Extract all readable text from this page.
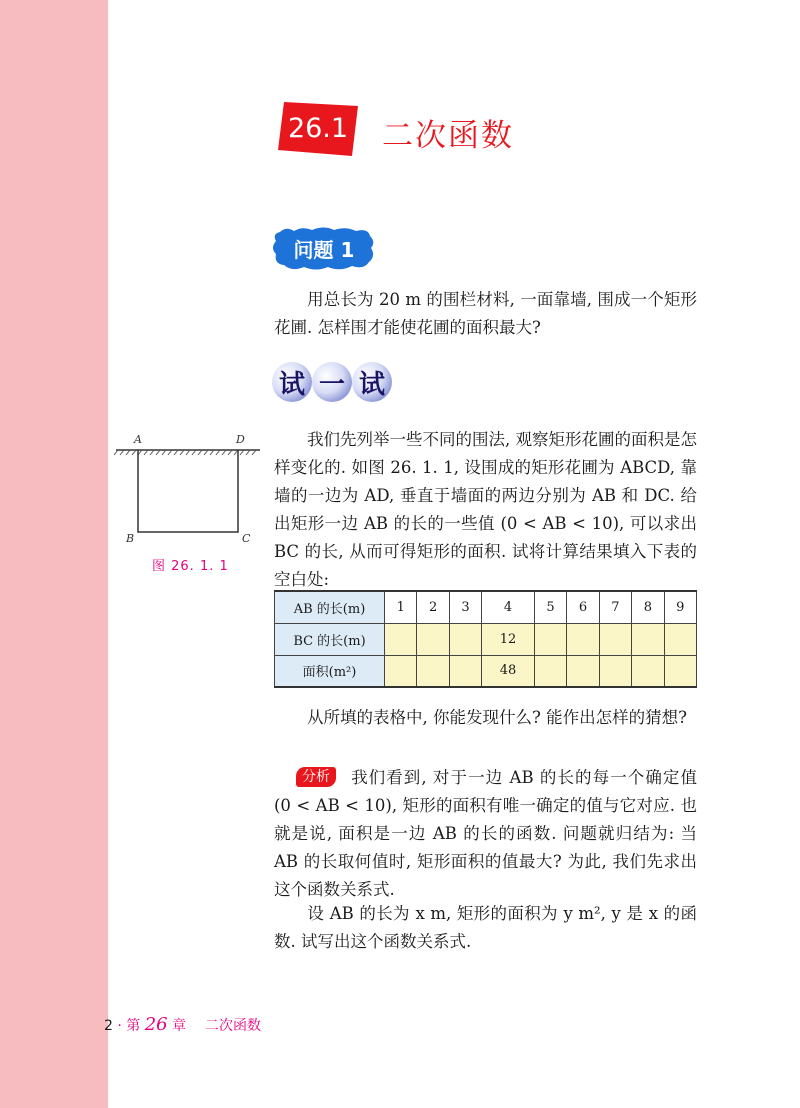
26.1	二次函数
问题 1
用总长为 20 m 的围栏材料, 一面靠墙, 围成一个矩形花圃. 怎样围才能使花圃的面积最大?
试 一 试
我们先列举一些不同的围法, 观察矩形花圃的面积是怎样变化的. 如图 26. 1. 1, 设围成的矩形花圃为 ABCD, 靠墙的一边为 AD, 垂直于墙面的两边分别为 AB 和 DC. 给出矩形一边 AB 的长的一些值 (0 < AB < 10), 可以求出 BC 的长, 从而可得矩形的面积. 试将计算结果填入下表的空白处:
A	D
B	C
图 26. 1. 1
AB 的长(m)	1	2	3	4	5	6	7	8	9
BC 的长(m)				12					
面积(m²)				48					
从所填的表格中, 你能发现什么? 能作出怎样的猜想?
分析 我们看到, 对于一边 AB 的长的每一个确定值 (0 < AB < 10), 矩形的面积有唯一确定的值与它对应. 也就是说, 面积是一边 AB 的长的函数. 问题就归结为: 当 AB 的长取何值时, 矩形面积的值最大? 为此, 我们先求出这个函数关系式.
设 AB 的长为 x m, 矩形的面积为 y m², y 是 x 的函数. 试写出这个函数关系式.
2 · 第 26 章 二次函数
